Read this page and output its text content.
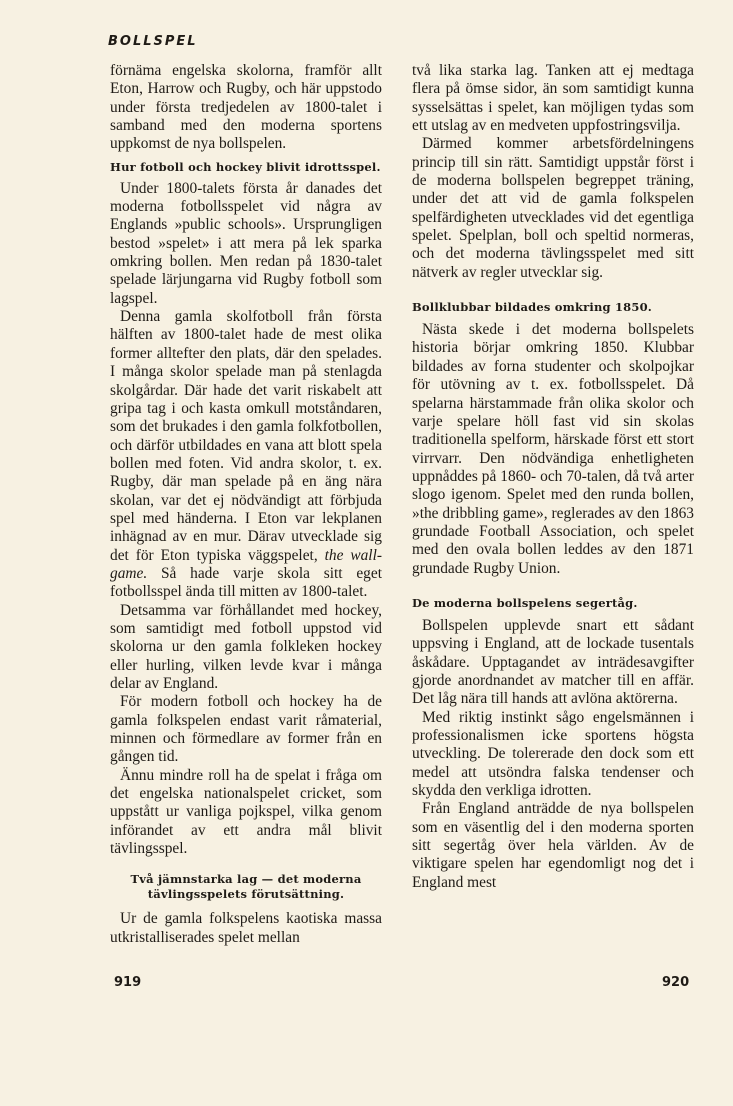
BOLLSPEL

förnäma engelska skolorna, framför allt Eton, Harrow och Rugby, och här uppstodo under första tredjedelen av 1800-talet i samband med den moderna sportens uppkomst de nya bollspelen.

Hur fotboll och hockey blivit idrottsspel.

Under 1800-talets första år danades det moderna fotbollsspelet vid några av Englands »public schools». Ursprungligen bestod »spelet» i att mera på lek sparka omkring bollen. Men redan på 1830-talet spelade lärjungarna vid Rugby fotboll som lagspel.

Denna gamla skolfotboll från första hälften av 1800-talet hade de mest olika former alltefter den plats, där den spelades. I många skolor spelade man på stenlagda skolgårdar. Där hade det varit riskabelt att gripa tag i och kasta omkull motståndaren, som det brukades i den gamla folkfotbollen, och därför utbildades en vana att blott spela bollen med foten. Vid andra skolor, t. ex. Rugby, där man spelade på en äng nära skolan, var det ej nödvändigt att förbjuda spel med händerna. I Eton var lekplanen inhägnad av en mur. Därav utvecklade sig det för Eton typiska väggspelet, the wall-game. Så hade varje skola sitt eget fotbollsspel ända till mitten av 1800-talet.

Detsamma var förhållandet med hockey, som samtidigt med fotboll uppstod vid skolorna ur den gamla folkleken hockey eller hurling, vilken levde kvar i många delar av England.

För modern fotboll och hockey ha de gamla folkspelen endast varit råmaterial, minnen och förmedlare av former från en gången tid.

Ännu mindre roll ha de spelat i fråga om det engelska nationalspelet cricket, som uppstått ur vanliga pojkspel, vilka genom införandet av ett andra mål blivit tävlingsspel.

Två jämnstarka lag — det moderna tävlingsspelets förutsättning.

Ur de gamla folkspelens kaotiska massa utkristalliserades spelet mellan

två lika starka lag. Tanken att ej medtaga flera på ömse sidor, än som samtidigt kunna sysselsättas i spelet, kan möjligen tydas som ett utslag av en medveten uppfostringsvilja.

Därmed kommer arbetsfördelningens princip till sin rätt. Samtidigt uppstår först i de moderna bollspelen begreppet träning, under det att vid de gamla folkspelen spelfärdigheten utvecklades vid det egentliga spelet. Spelplan, boll och speltid normeras, och det moderna tävlingsspelet med sitt nätverk av regler utvecklar sig.

Bollklubbar bildades omkring 1850.

Nästa skede i det moderna bollspelets historia börjar omkring 1850. Klubbar bildades av forna studenter och skolpojkar för utövning av t. ex. fotbollsspelet. Då spelarna härstammade från olika skolor och varje spelare höll fast vid sin skolas traditionella spelform, härskade först ett stort virrvarr. Den nödvändiga enhetligheten uppnåddes på 1860- och 70-talen, då två arter slogo igenom. Spelet med den runda bollen, »the dribbling game», reglerades av den 1863 grundade Football Association, och spelet med den ovala bollen leddes av den 1871 grundade Rugby Union.

De moderna bollspelens segertåg.

Bollspelen upplevde snart ett sådant uppsving i England, att de lockade tusentals åskådare. Upptagandet av inträdesavgifter gjorde anordnandet av matcher till en affär. Det låg nära till hands att avlöna aktörerna.

Med riktig instinkt sågo engelsmännen i professionalismen icke sportens högsta utveckling. De tolererade den dock som ett medel att utsöndra falska tendenser och skydda den verkliga idrotten.

Från England anträdde de nya bollspelen som en väsentlig del i den moderna sporten sitt segertåg över hela världen. Av de viktigare spelen har egendomligt nog det i England mest

919	920
